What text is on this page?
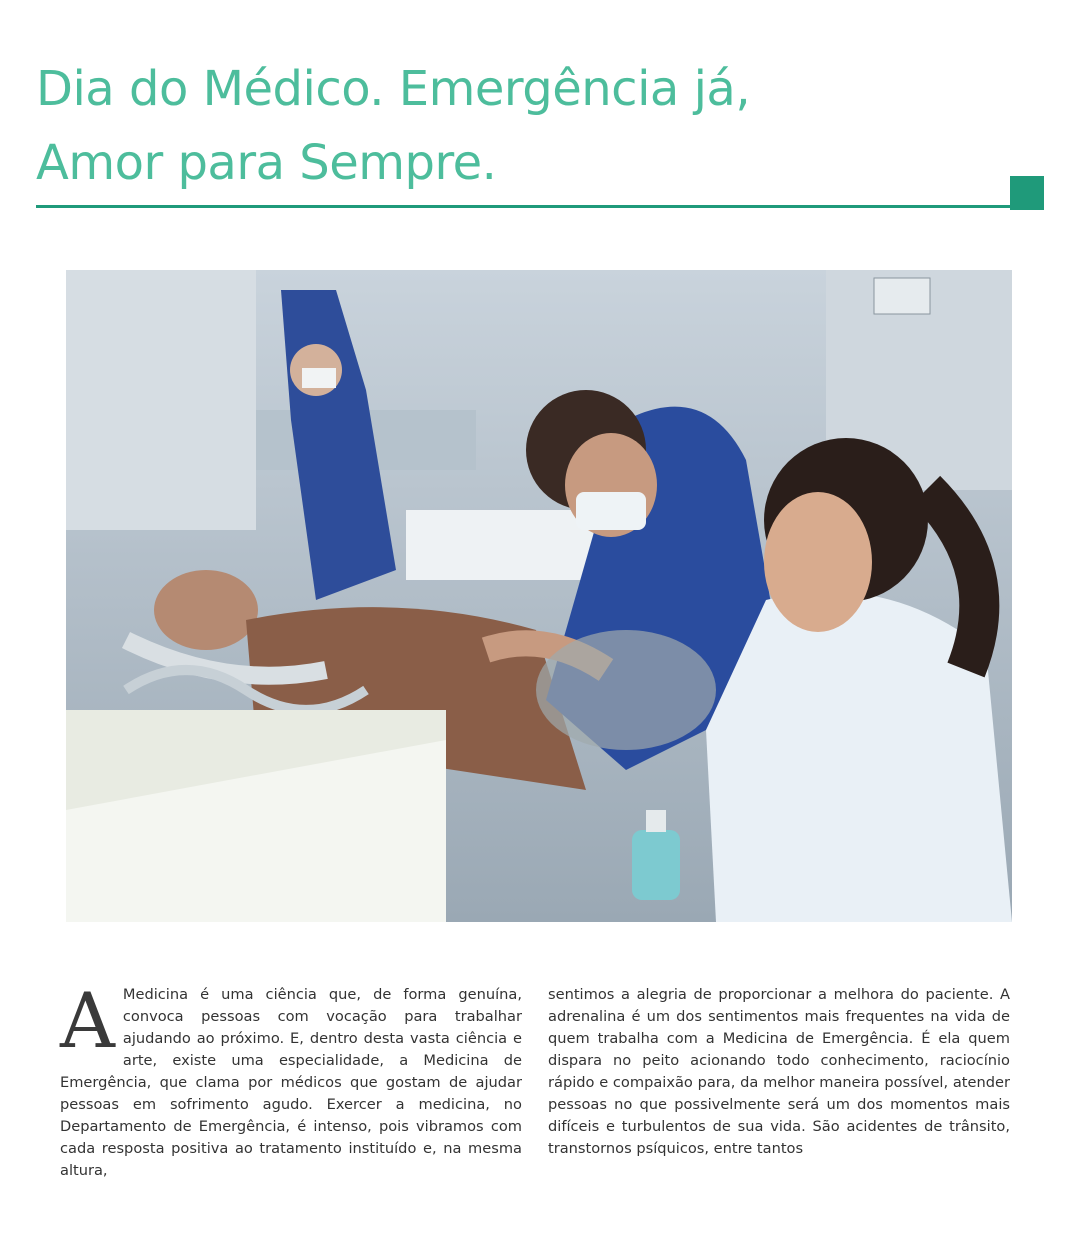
Dia do Médico. Emergência já,
Amor para Sempre.

A Medicina é uma ciência que, de forma genuína, convoca pessoas com vocação para trabalhar ajudando ao próximo. E, dentro desta vasta ciência e arte, existe uma especialidade, a Medicina de Emergência, que clama por médicos que gostam de ajudar pessoas em sofrimento agudo. Exercer a medicina, no Departamento de Emergência, é intenso, pois vibramos com cada resposta positiva ao tratamento instituído e, na mesma altura,

sentimos a alegria de proporcionar a melhora do paciente. A adrenalina é um dos sentimentos mais frequentes na vida de quem trabalha com a Medicina de Emergência. É ela quem dispara no peito acionando todo conhecimento, raciocínio rápido e compaixão para, da melhor maneira possível, atender pessoas no que possivelmente será um dos momentos mais difíceis e turbulentos de sua vida. São acidentes de trânsito, transtornos psíquicos, entre tantos
